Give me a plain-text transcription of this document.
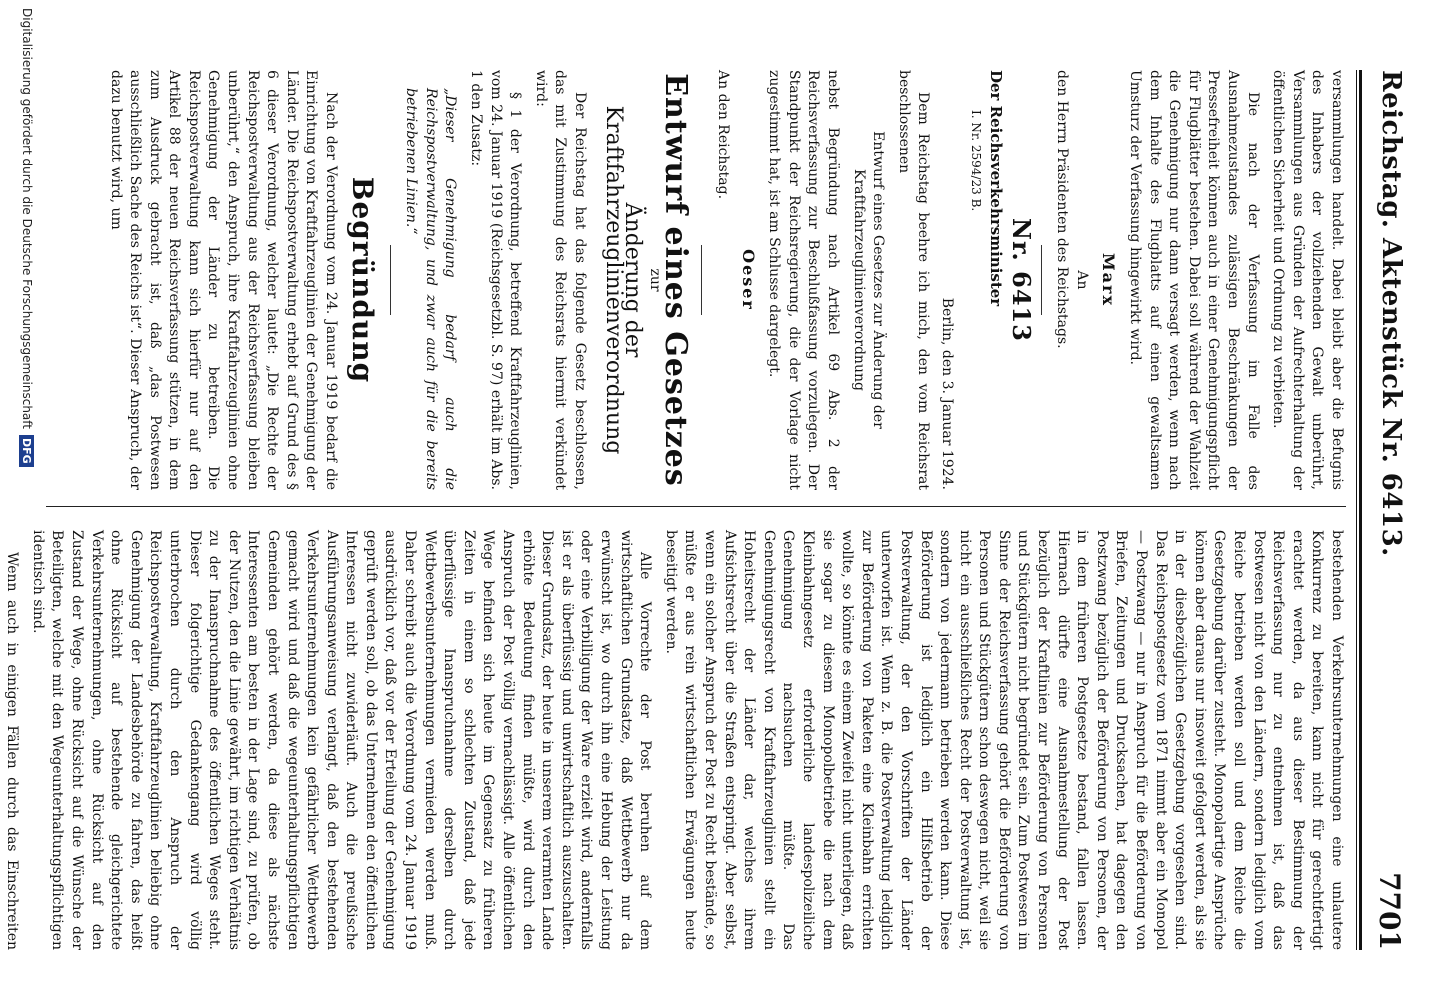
Reichstag. Aktenstück Nr. 6413.
7701

versammlungen handelt. Dabei bleibt aber die Befugnis des Inhabers der vollziehenden Gewalt unberührt, Versammlungen aus Gründen der Aufrechterhaltung der öffentlichen Sicherheit und Ordnung zu verbieten.

Die nach der Verfassung im Falle des Ausnahmezustandes zulässigen Beschränkungen der Pressefreiheit können auch in einer Genehmigungspflicht für Flugblätter bestehen. Dabei soll während der Wahlzeit die Genehmigung nur dann versagt werden, wenn nach dem Inhalte des Flugblatts auf einen gewaltsamen Umsturz der Verfassung hingewirkt wird.

Marx

An

den Herrn Präsidenten des Reichstags.

Nr. 6413

Der Reichsverkehrsminister

I. Nr. 2594/23 B.

Berlin, den 3. Januar 1924.

Dem Reichstag beehre ich mich, den vom Reichsrat beschlossenen

Entwurf eines Gesetzes zur Änderung der Kraftfahrzeuglinienverordnung

nebst Begründung nach Artikel 69 Abs. 2 der Reichsverfassung zur Beschlußfassung vorzulegen. Der Standpunkt der Reichsregierung, die der Vorlage nicht zugestimmt hat, ist am Schlusse dargelegt.

Oeser

An den Reichstag.

Entwurf eines Gesetzes

zur

Änderung der Kraftfahrzeuglinienverordnung

Der Reichstag hat das folgende Gesetz beschlossen, das mit Zustimmung des Reichsrats hiermit verkündet wird:

§ 1 der Verordnung, betreffend Kraftfahrzeuglinien, vom 24. Januar 1919 (Reichsgesetzbl. S. 97) erhält im Abs. 1 den Zusatz:

„Dieser Genehmigung bedarf auch die Reichspostverwaltung, und zwar auch für die bereits betriebenen Linien.“

Begründung

Nach der Verordnung vom 24. Januar 1919 bedarf die Einrichtung von Kraftfahrzeuglinien der Genehmigung der Länder. Die Reichspostverwaltung erhebt auf Grund des § 6 dieser Verordnung, welcher lautet: „Die Rechte der Reichspostverwaltung aus der Reichsverfassung bleiben unberührt,“ den Anspruch, ihre Kraftfahrzeuglinien ohne Genehmigung der Länder zu betreiben. Die Reichspostverwaltung kann sich hierfür nur auf den Artikel 88 der neuen Reichsverfassung stützen, in dem zum Ausdruck gebracht ist, daß „das Postwesen ausschließlich Sache des Reichs ist“. Dieser Anspruch, der dazu benutzt wird, um

bestehenden Verkehrsunternehmungen eine unlautere Konkurrenz zu bereiten, kann nicht für gerechtfertigt erachtet werden, da aus dieser Bestimmung der Reichsverfassung nur zu entnehmen ist, daß das Postwesen nicht von den Ländern, sondern lediglich vom Reiche betrieben werden soll und dem Reiche die Gesetzgebung darüber zusteht. Monopolartige Ansprüche können aber daraus nur insoweit gefolgert werden, als sie in der diesbezüglichen Gesetzgebung vorgesehen sind. Das Reichspostgesetz vom 1871 nimmt aber ein Monopol — Postzwang — nur in Anspruch für die Beförderung von Briefen, Zeitungen und Drucksachen, hat dagegen den Postzwang bezüglich der Beförderung von Personen, der in dem früheren Postgesetze bestand, fallen lassen. Hiernach dürfte eine Ausnahmestellung der Post bezüglich der Kraftlinien zur Beförderung von Personen und Stückgütern nicht begründet sein. Zum Postwesen im Sinne der Reichsverfassung gehört die Beförderung von Personen und Stückgütern schon deswegen nicht, weil sie nicht ein ausschließliches Recht der Postverwaltung ist, sondern von jedermann betrieben werden kann. Diese Beförderung ist lediglich ein Hilfsbetrieb der Postverwaltung, der den Vorschriften der Länder unterworfen ist. Wenn z. B. die Postverwaltung lediglich zur Beförderung von Paketen eine Kleinbahn errichten wollte, so könnte es einem Zweifel nicht unterliegen, daß sie sogar zu diesem Monopolbetriebe die nach dem Kleinbahngesetz erforderliche landespolizeiliche Genehmigung nachsuchen müßte. Das Genehmigungsrecht von Kraftfahrzeuglinien stellt ein Hoheitsrecht der Länder dar, welches ihrem Aufsichtsrecht über die Straßen entspringt. Aber selbst, wenn ein solcher Anspruch der Post zu Recht bestände, so müßte er aus rein wirtschaftlichen Erwägungen heute beseitigt werden.

Alle Vorrechte der Post beruhen auf dem wirtschaftlichen Grundsatze, daß Wettbewerb nur da erwünscht ist, wo durch ihn eine Hebung der Leistung oder eine Verbilligung der Ware erzielt wird, andernfalls ist er als überflüssig und unwirtschaftlich auszuschalten. Dieser Grundsatz, der heute in unserem verarmten Lande erhöhte Bedeutung finden müßte, wird durch den Anspruch der Post völlig vernachlässigt. Alle öffentlichen Wege befinden sich heute im Gegensatz zu früheren Zeiten in einem so schlechten Zustand, daß jede überflüssige Inanspruchnahme derselben durch Wettbewerbsunternehmungen vermieden werden muß. Daher schreibt auch die Verordnung vom 24. Januar 1919 ausdrücklich vor, daß vor der Erteilung der Genehmigung geprüft werden soll, ob das Unternehmen den öffentlichen Interessen nicht zuwiderläuft. Auch die preußische Ausführungsanweisung verlangt, daß den bestehenden Verkehrsunternehmungen kein gefährlicher Wettbewerb gemacht wird und daß die wegeunterhaltungspflichtigen Gemeinden gehört werden, da diese als nächste Interessenten am besten in der Lage sind, zu prüfen, ob der Nutzen, den die Linie gewährt, im richtigen Verhältnis zu der Inanspruchnahme des öffentlichen Weges steht. Dieser folgerichtige Gedankengang wird völlig unterbrochen durch den Anspruch der Reichspostverwaltung, Kraftfahrzeuglinien beliebig ohne Genehmigung der Landesbehörde zu fahren, das heißt ohne Rücksicht auf bestehende gleichgerichtete Verkehrsunternehmungen, ohne Rücksicht auf den Zustand der Wege, ohne Rücksicht auf die Wünsche der Beteiligten, welche mit den Wegeunterhaltungspflichtigen identisch sind.

Wenn auch in einigen Fällen durch das Einschreiten

Digitalisierung gefördert durch die Deutsche ForschungsgemeinschaftDFG
